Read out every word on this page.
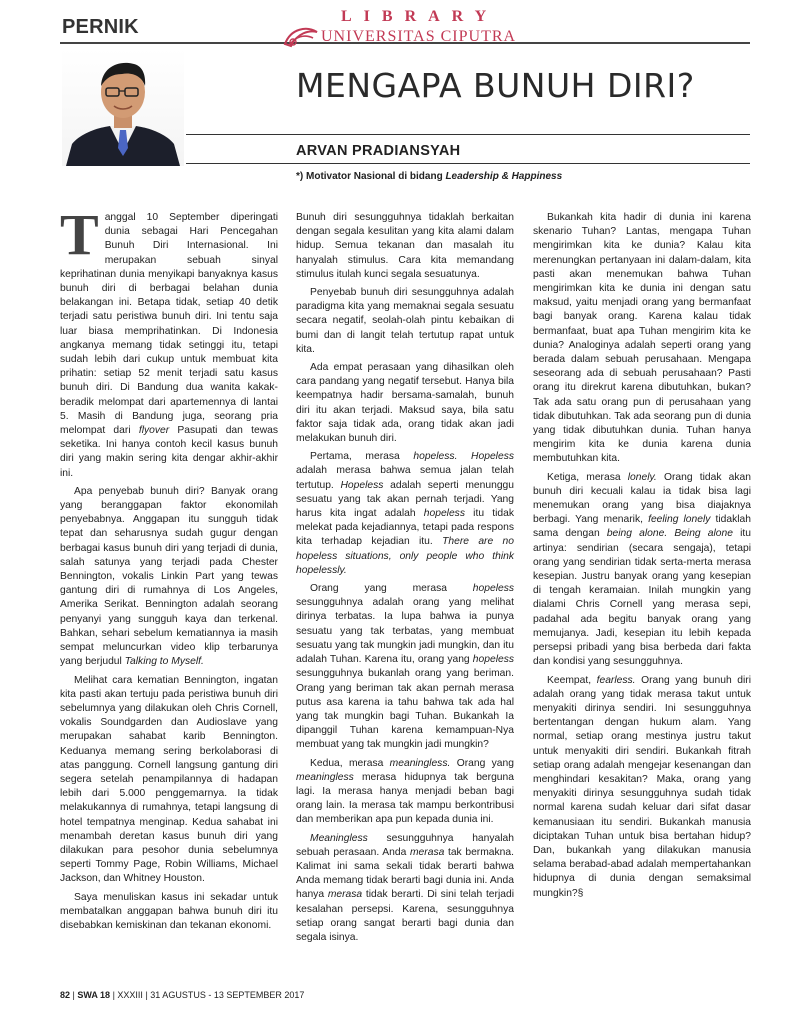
PERNIK	LIBRARY
UNIVERSITAS CIPUTRA
MENGAPA BUNUH DIRI?
ARVAN PRADIANSYAH
*) Motivator Nasional di bidang Leadership & Happiness

Tanggal 10 September diperingati dunia sebagai Hari Pencegahan Bunuh Diri Internasional. Ini merupakan sebuah sinyal keprihatinan dunia menyikapi banyaknya kasus bunuh diri di berbagai belahan dunia belakangan ini. Betapa tidak, setiap 40 detik terjadi satu peristiwa bunuh diri. Ini tentu saja luar biasa memprihatinkan. Di Indonesia angkanya memang tidak setinggi itu, tetapi sudah lebih dari cukup untuk membuat kita prihatin: setiap 52 menit terjadi satu kasus bunuh diri. Di Bandung dua wanita kakak-beradik melompat dari apartemennya di lantai 5. Masih di Bandung juga, seorang pria melompat dari flyover Pasupati dan tewas seketika. Ini hanya contoh kecil kasus bunuh diri yang makin sering kita dengar akhir-akhir ini.

Apa penyebab bunuh diri? Banyak orang yang beranggapan faktor ekonomilah penyebabnya. Anggapan itu sungguh tidak tepat dan seharusnya sudah gugur dengan berbagai kasus bunuh diri yang terjadi di dunia, salah satunya yang terjadi pada Chester Bennington, vokalis Linkin Part yang tewas gantung diri di rumahnya di Los Angeles, Amerika Serikat. Bennington adalah seorang penyanyi yang sungguh kaya dan terkenal. Bahkan, sehari sebelum kematiannya ia masih sempat meluncurkan video klip terbarunya yang berjudul Talking to Myself.

Melihat cara kematian Bennington, ingatan kita pasti akan tertuju pada peristiwa bunuh diri sebelumnya yang dilakukan oleh Chris Cornell, vokalis Soundgarden dan Audioslave yang merupakan sahabat karib Bennington. Keduanya memang sering berkolaborasi di atas panggung. Cornell langsung gantung diri segera setelah penampilannya di hadapan lebih dari 5.000 penggemarnya. Ia tidak melakukannya di rumahnya, tetapi langsung di hotel tempatnya menginap. Kedua sahabat ini menambah deretan kasus bunuh diri yang dilakukan para pesohor dunia sebelumnya seperti Tommy Page, Robin Williams, Michael Jackson, dan Whitney Houston.

Saya menuliskan kasus ini sekadar untuk membatalkan anggapan bahwa bunuh diri itu disebabkan kemiskinan dan tekanan ekonomi.

Bunuh diri sesungguhnya tidaklah berkaitan dengan segala kesulitan yang kita alami dalam hidup. Semua tekanan dan masalah itu hanyalah stimulus. Cara kita memandang stimulus itulah kunci segala sesuatunya.

Penyebab bunuh diri sesungguhnya adalah paradigma kita yang memaknai segala sesuatu secara negatif, seolah-olah pintu kebaikan di bumi dan di langit telah tertutup rapat untuk kita.

Ada empat perasaan yang dihasilkan oleh cara pandang yang negatif tersebut. Hanya bila keempatnya hadir bersama-samalah, bunuh diri itu akan terjadi. Maksud saya, bila satu faktor saja tidak ada, orang tidak akan jadi melakukan bunuh diri.

Pertama, merasa hopeless. Hopeless adalah merasa bahwa semua jalan telah tertutup. Hopeless adalah seperti menunggu sesuatu yang tak akan pernah terjadi. Yang harus kita ingat adalah hopeless itu tidak melekat pada kejadiannya, tetapi pada respons kita terhadap kejadian itu. There are no hopeless situations, only people who think hopelessly.

Orang yang merasa hopeless sesungguhnya adalah orang yang melihat dirinya terbatas. Ia lupa bahwa ia punya sesuatu yang tak terbatas, yang membuat sesuatu yang tak mungkin jadi mungkin, dan itu adalah Tuhan. Karena itu, orang yang hopeless sesungguhnya bukanlah orang yang beriman. Orang yang beriman tak akan pernah merasa putus asa karena ia tahu bahwa tak ada hal yang tak mungkin bagi Tuhan. Bukankah Ia dipanggil Tuhan karena kemampuan-Nya membuat yang tak mungkin jadi mungkin?

Kedua, merasa meaningless. Orang yang meaningless merasa hidupnya tak berguna lagi. Ia merasa hanya menjadi beban bagi orang lain. Ia merasa tak mampu berkontribusi dan memberikan apa pun kepada dunia ini.

Meaningless sesungguhnya hanyalah sebuah perasaan. Anda merasa tak bermakna. Kalimat ini sama sekali tidak berarti bahwa Anda memang tidak berarti bagi dunia ini. Anda hanya merasa tidak berarti. Di sini telah terjadi kesalahan persepsi. Karena, sesungguhnya setiap orang sangat berarti bagi dunia dan segala isinya.

Bukankah kita hadir di dunia ini karena skenario Tuhan? Lantas, mengapa Tuhan mengirimkan kita ke dunia? Kalau kita merenungkan pertanyaan ini dalam-dalam, kita pasti akan menemukan bahwa Tuhan mengirimkan kita ke dunia ini dengan satu maksud, yaitu menjadi orang yang bermanfaat bagi banyak orang. Karena kalau tidak bermanfaat, buat apa Tuhan mengirim kita ke dunia? Analoginya adalah seperti orang yang berada dalam sebuah perusahaan. Mengapa seseorang ada di sebuah perusahaan? Pasti orang itu direkrut karena dibutuhkan, bukan? Tak ada satu orang pun di perusahaan yang tidak dibutuhkan. Tak ada seorang pun di dunia yang tidak dibutuhkan dunia. Tuhan hanya mengirim kita ke dunia karena dunia membutuhkan kita.

Ketiga, merasa lonely. Orang tidak akan bunuh diri kecuali kalau ia tidak bisa lagi menemukan orang yang bisa diajaknya berbagi. Yang menarik, feeling lonely tidaklah sama dengan being alone. Being alone itu artinya: sendirian (secara sengaja), tetapi orang yang sendirian tidak serta-merta merasa kesepian. Justru banyak orang yang kesepian di tengah keramaian. Inilah mungkin yang dialami Chris Cornell yang merasa sepi, padahal ada begitu banyak orang yang memujanya. Jadi, kesepian itu lebih kepada persepsi pribadi yang bisa berbeda dari fakta dan kondisi yang sesungguhnya.

Keempat, fearless. Orang yang bunuh diri adalah orang yang tidak merasa takut untuk menyakiti dirinya sendiri. Ini sesungguhnya bertentangan dengan hukum alam. Yang normal, setiap orang mestinya justru takut untuk menyakiti diri sendiri. Bukankah fitrah setiap orang adalah mengejar kesenangan dan menghindari kesakitan? Maka, orang yang menyakiti dirinya sesungguhnya sudah tidak normal karena sudah keluar dari sifat dasar kemanusiaan itu sendiri. Bukankah manusia diciptakan Tuhan untuk bisa bertahan hidup? Dan, bukankah yang dilakukan manusia selama berabad-abad adalah mempertahankan hidupnya di dunia dengan semaksimal mungkin?§

82 | SWA 18 | XXXIII | 31 AGUSTUS - 13 SEPTEMBER 2017
